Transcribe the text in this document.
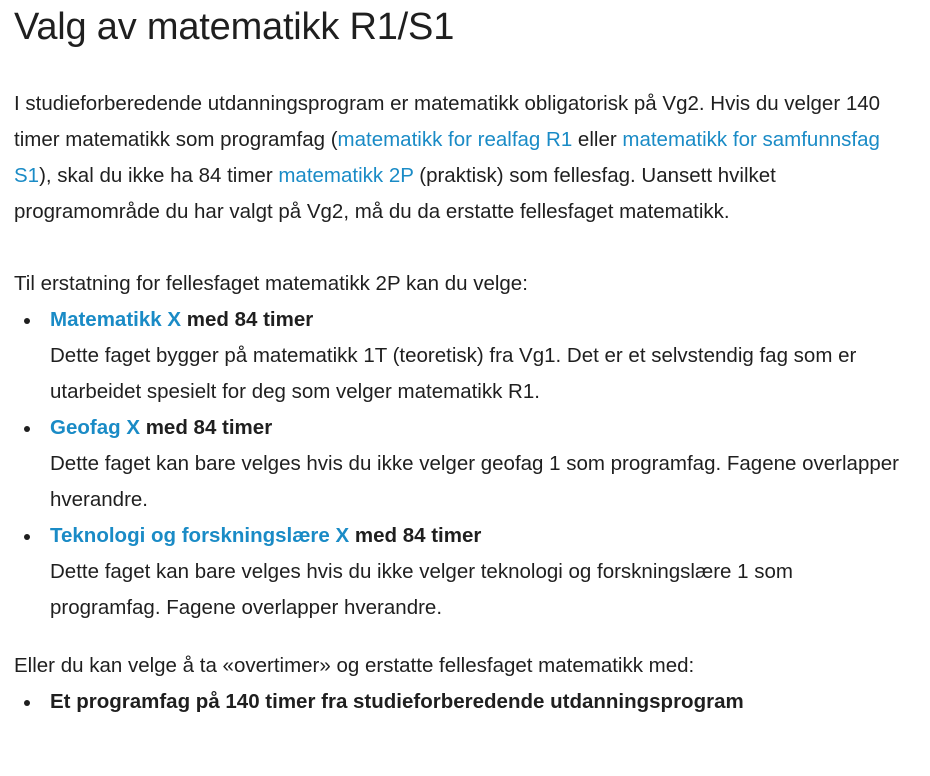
Valg av matematikk R1/S1

I studieforberedende utdanningsprogram er matematikk obligatorisk på Vg2. Hvis du velger 140 timer matematikk som programfag (matematikk for realfag R1 eller matematikk for samfunnsfag S1), skal du ikke ha 84 timer matematikk 2P (praktisk) som fellesfag. Uansett hvilket programområde du har valgt på Vg2, må du da erstatte fellesfaget matematikk.

Til erstatning for fellesfaget matematikk 2P kan du velge:

Matematikk X med 84 timer
Dette faget bygger på matematikk 1T (teoretisk) fra Vg1. Det er et selvstendig fag som er utarbeidet spesielt for deg som velger matematikk R1.
Geofag X med 84 timer
Dette faget kan bare velges hvis du ikke velger geofag 1 som programfag. Fagene overlapper hverandre.
Teknologi og forskningslære X med 84 timer
Dette faget kan bare velges hvis du ikke velger teknologi og forskningslære 1 som programfag. Fagene overlapper hverandre.

Eller du kan velge å ta «overtimer» og erstatte fellesfaget matematikk med:

Et programfag på 140 timer fra studieforberedende utdanningsprogram
